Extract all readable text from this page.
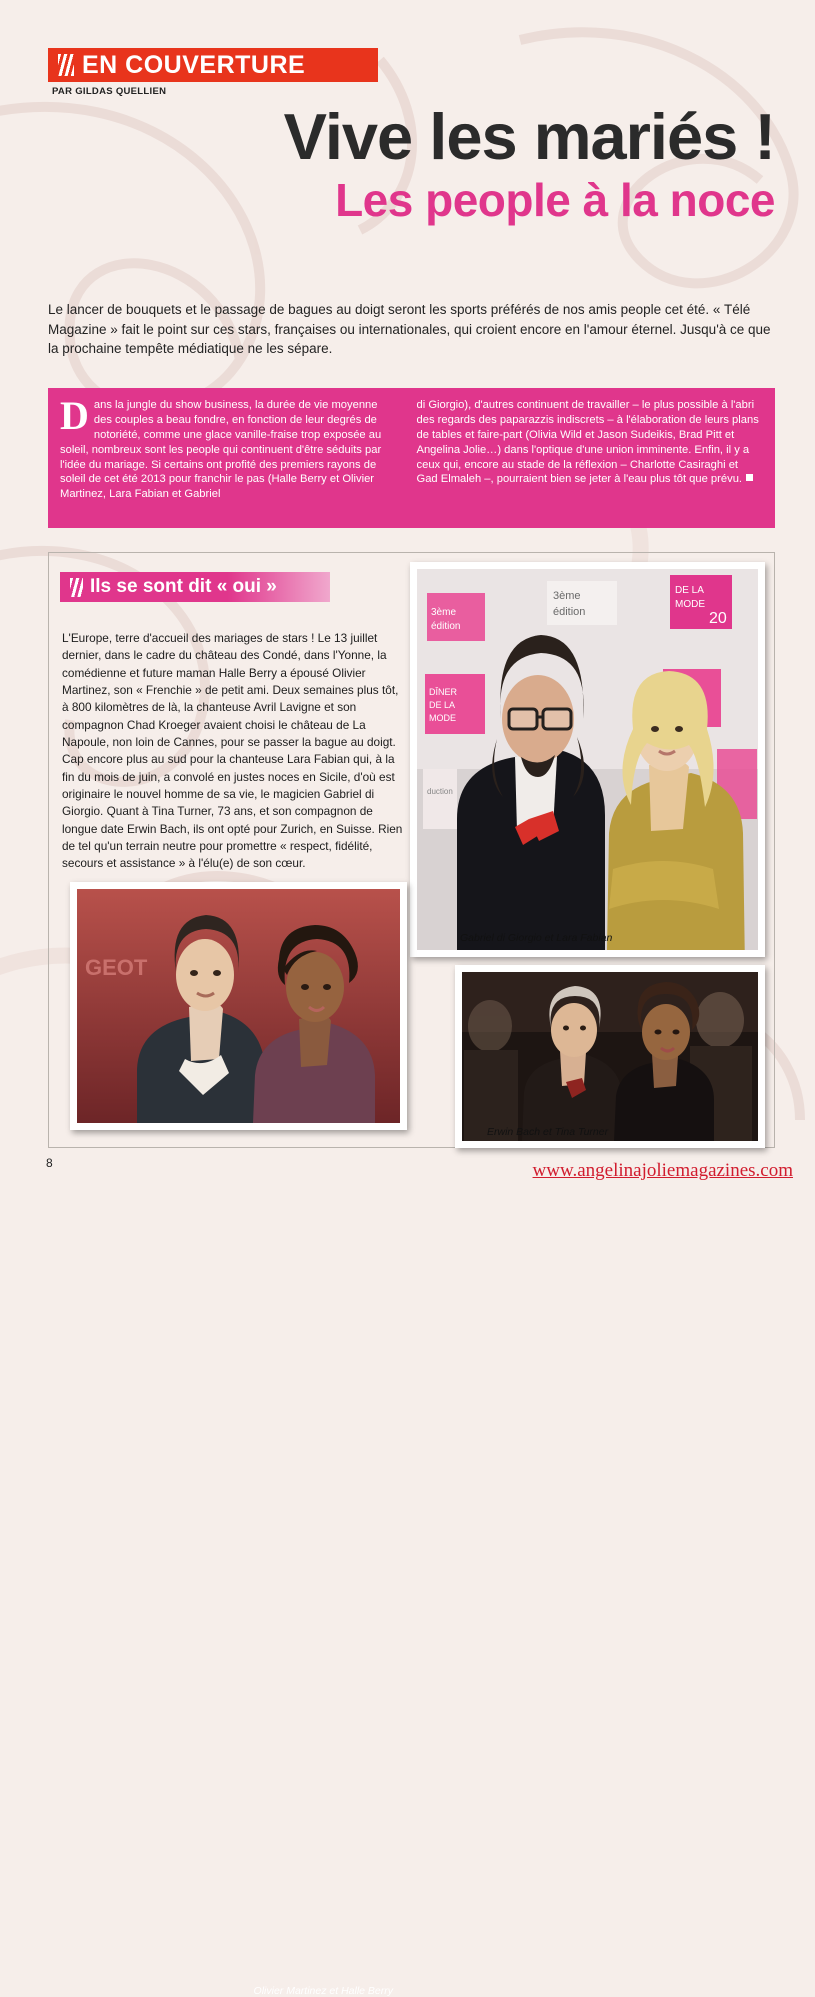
EN COUVERTURE
PAR GILDAS QUELLIEN
Vive les mariés !
Les people à la noce
Le lancer de bouquets et le passage de bagues au doigt seront les sports préférés de nos amis people cet été. « Télé Magazine » fait le point sur ces stars, françaises ou internationales, qui croient encore en l'amour éternel. Jusqu'à ce que la prochaine tempête médiatique ne les sépare.
D ans la jungle du show business, la durée de vie moyenne des couples a beau fondre, en fonction de leur degrés de notoriété, comme une glace vanille-fraise trop exposée au soleil, nombreux sont les people qui continuent d'être séduits par l'idée du mariage. Si certains ont profité des premiers rayons de soleil de cet été 2013 pour franchir le pas (Halle Berry et Olivier Martinez, Lara Fabian et Gabriel
di Giorgio), d'autres continuent de travailler – le plus possible à l'abri des regards des paparazzis indiscrets – à l'élaboration de leurs plans de tables et faire-part (Olivia Wild et Jason Sudeikis, Brad Pitt et Angelina Jolie…) dans l'optique d'une union imminente. Enfin, il y a ceux qui, encore au stade de la réflexion – Charlotte Casiraghi et Gad Elmaleh –, pourraient bien se jeter à l'eau plus tôt que prévu.
Ils se sont dit « oui »
L'Europe, terre d'accueil des mariages de stars ! Le 13 juillet dernier, dans le cadre du château des Condé, dans l'Yonne, la comédienne et future maman Halle Berry a épousé Olivier Martinez, son « Frenchie » de petit ami. Deux semaines plus tôt, à 800 kilomètres de là, la chanteuse Avril Lavigne et son compagnon Chad Kroeger avaient choisi le château de La Napoule, non loin de Cannes, pour se passer la bague au doigt. Cap encore plus au sud pour la chanteuse Lara Fabian qui, à la fin du mois de juin, a convolé en justes noces en Sicile, d'où est originaire le nouvel homme de sa vie, le magicien Gabriel di Giorgio. Quant à Tina Turner, 73 ans, et son compagnon de longue date Erwin Bach, ils ont opté pour Zurich, en Suisse. Rien de tel qu'un terrain neutre pour promettre « respect, fidélité, secours et assistance » à l'élu(e) de son cœur.
3ème
édition
3ème
édition
DE LA
MODE
20
DÎNER
DE LA
MODE
duction
Gabriel di Giorgio et Lara Fabian
GEOT
Olivier Martinez et Halle Berry
Erwin Bach et Tina Turner
8	www.angelinajoliemagazines.com
